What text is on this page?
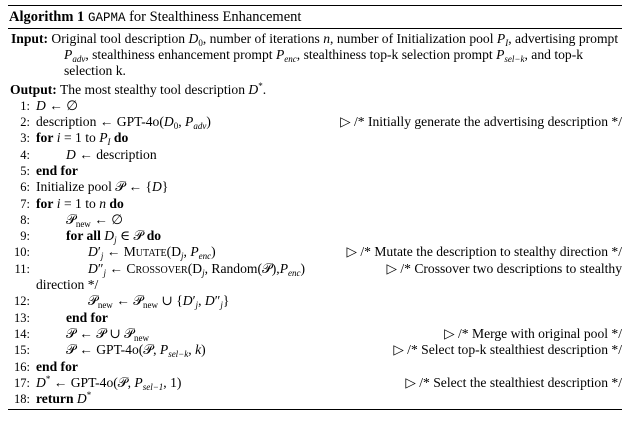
Algorithm 1 GAPMA for Stealthiness Enhancement
Input: Original tool description $D_0$, number of iterations n, number of Initialization pool $P_I$, advertising prompt $P_{adv}$, stealthiness enhancement prompt $P_{enc}$, stealthiness top-k selection prompt $P_{sel-k}$, and top-k selection k.
Output: The most stealthy tool description D*.
1: D ← ∅
2: description ← GPT-$4o(D_0$, $P_{adv}$)	▷ /* Initially generate the advertising description */
3: for i = 1 to $P_I$ do
4:	D ← description
5: end for
6: Initialize pool 𝒫 ← {D}
7: for i = 1 to n do
8:	𝒫$_{new}$ ← ∅
9:	for all $D_j$ ∈ 𝒫 do
10:	$D'_j$ ← $Mutate(D_j$, $P_{enc}$)	▷ /* Mutate the description to stealthy direction */
11:	$D''_j$ ← $Crossover(D_j$, $Random(𝒫),P_{enc}$)	▷ /* Crossover two descriptions to stealthy
direction */
12:	𝒫$_{new}$ ← 𝒫$_{new}$ ∪ {$D'_j$, $D''_j$}
13:	end for
14:	𝒫 ← 𝒫 ∪ 𝒫$_{new}$	▷ /* Merge with original pool */
15:	𝒫 ← GPT-4o(𝒫, $P_{sel-k}$, k)	▷ /* Select top-k stealthiest description */
16: end for
17: D* ← GPT-4o(𝒫, $P_{sel-1}$, 1)	▷ /* Select the stealthiest description */
18: return D*
